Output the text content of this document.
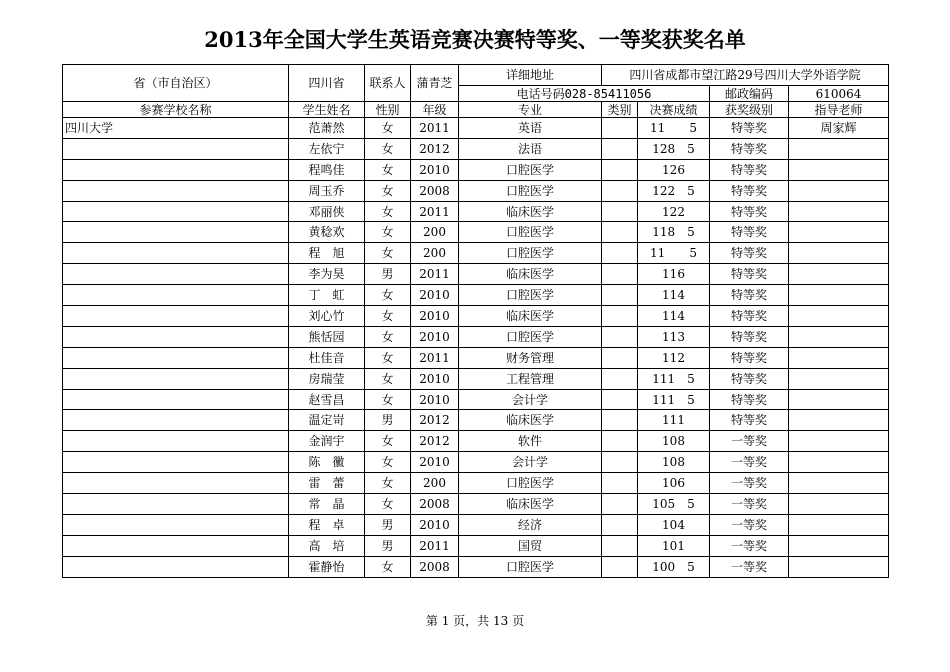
2013年全国大学生英语竞赛决赛特等奖、一等奖获奖名单
省（市自治区）	四川省	联系人	蒲青芝	详细地址	四川省成都市望江路29号四川大学外语学院			
				电话号码028-85411056			邮政编码	610064
参赛学校名称	学生姓名	性别	年级	专业	类别	决赛成绩	获奖级别	指导老师
四川大学	范萧然	女	2011	英语		11　　5	特等奖	周家辉
	左依宁	女	2012	法语		128　5	特等奖	
	程鸣佳	女	2010	口腔医学		126	特等奖	
	周玉乔	女	2008	口腔医学		122　5	特等奖	
	邓丽侠	女	2011	临床医学		122	特等奖	
	黄稔欢	女	200	口腔医学		118　5	特等奖	
	程　旭	女	200	口腔医学		11　　5	特等奖	
	李为昊	男	2011	临床医学		116	特等奖	
	丁　虹	女	2010	口腔医学		114	特等奖	
	刘心竹	女	2010	临床医学		114	特等奖	
	熊恬园	女	2010	口腔医学		113	特等奖	
	杜佳音	女	2011	财务管理		112	特等奖	
	房瑞莹	女	2010	工程管理		111　5	特等奖	
	赵雪昌	女	2010	会计学		111　5	特等奖	
	温定岢	男	2012	临床医学		111	特等奖	
	金润宇	女	2012	软件		108	一等奖	
	陈　黴	女	2010	会计学		108	一等奖	
	雷　蕾	女	200	口腔医学		106	一等奖	
	常　晶	女	2008	临床医学		105　5	一等奖	
	程　卓	男	2010	经济		104	一等奖	
	高　培	男	2011	国贸		101	一等奖	
	霍静怡	女	2008	口腔医学		100　5	一等奖	
第 1 页，共 13 页
